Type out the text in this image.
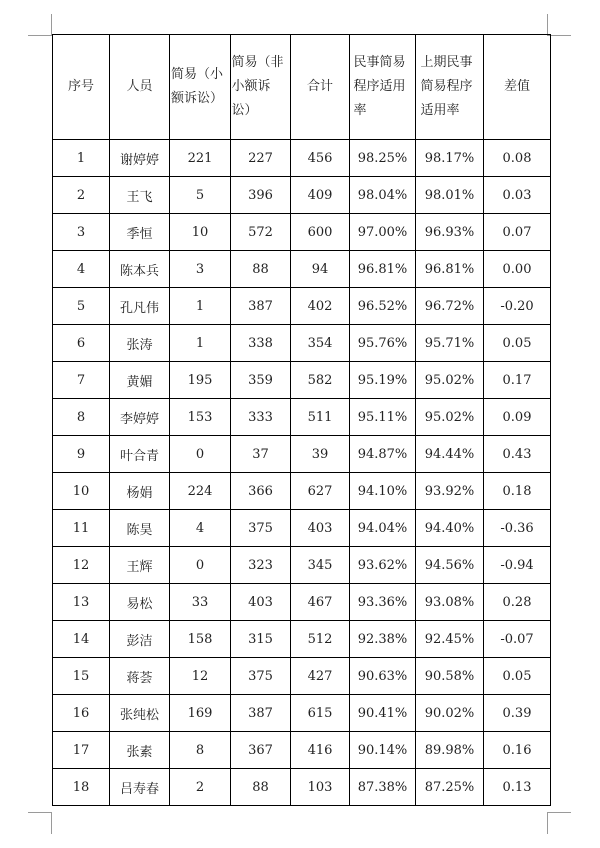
序号	人员	简易（小额诉讼）	简易（非小额诉讼）	合计	民事简易程序适用率	上期民事简易程序适用率	差值
1	谢婷婷	221	227	456	98.25%	98.17%	0.08
2	王飞	5	396	409	98.04%	98.01%	0.03
3	季恒	10	572	600	97.00%	96.93%	0.07
4	陈本兵	3	88	94	96.81%	96.81%	0.00
5	孔凡伟	1	387	402	96.52%	96.72%	-0.20
6	张涛	1	338	354	95.76%	95.71%	0.05
7	黄媚	195	359	582	95.19%	95.02%	0.17
8	李婷婷	153	333	511	95.11%	95.02%	0.09
9	叶合青	0	37	39	94.87%	94.44%	0.43
10	杨娟	224	366	627	94.10%	93.92%	0.18
11	陈昊	4	375	403	94.04%	94.40%	-0.36
12	王辉	0	323	345	93.62%	94.56%	-0.94
13	易松	33	403	467	93.36%	93.08%	0.28
14	彭洁	158	315	512	92.38%	92.45%	-0.07
15	蒋荟	12	375	427	90.63%	90.58%	0.05
16	张纯松	169	387	615	90.41%	90.02%	0.39
17	张素	8	367	416	90.14%	89.98%	0.16
18	吕寿春	2	88	103	87.38%	87.25%	0.13
